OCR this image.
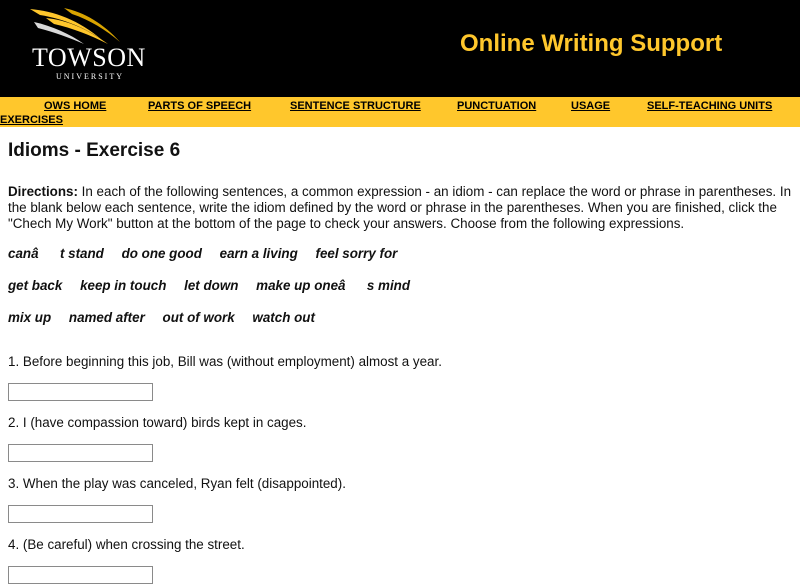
TOWSON
UNIVERSITY
Online Writing Support
OWS HOME	PARTS OF SPEECH	SENTENCE STRUCTURE	PUNCTUATION	USAGE	SELF-TEACHING UNITS
EXERCISES
Idioms - Exercise 6

Directions: In each of the following sentences, a common expression - an idiom - can replace the word or phrase in parentheses. In the blank below each sentence, write the idiom defined by the word or phrase in the parentheses. When you are finished, click the "Chech My Work" button at the bottom of the page to check your answers. Choose from the following expressions.

canât stand do one good earn a living feel sorry for
get back keep in touch let down make up oneâs mind
mix up named after out of work watch out

1. Before beginning this job, Bill was (without employment) almost a year.

2. I (have compassion toward) birds kept in cages.

3. When the play was canceled, Ryan felt (disappointed).

4. (Be careful) when crossing the street.
